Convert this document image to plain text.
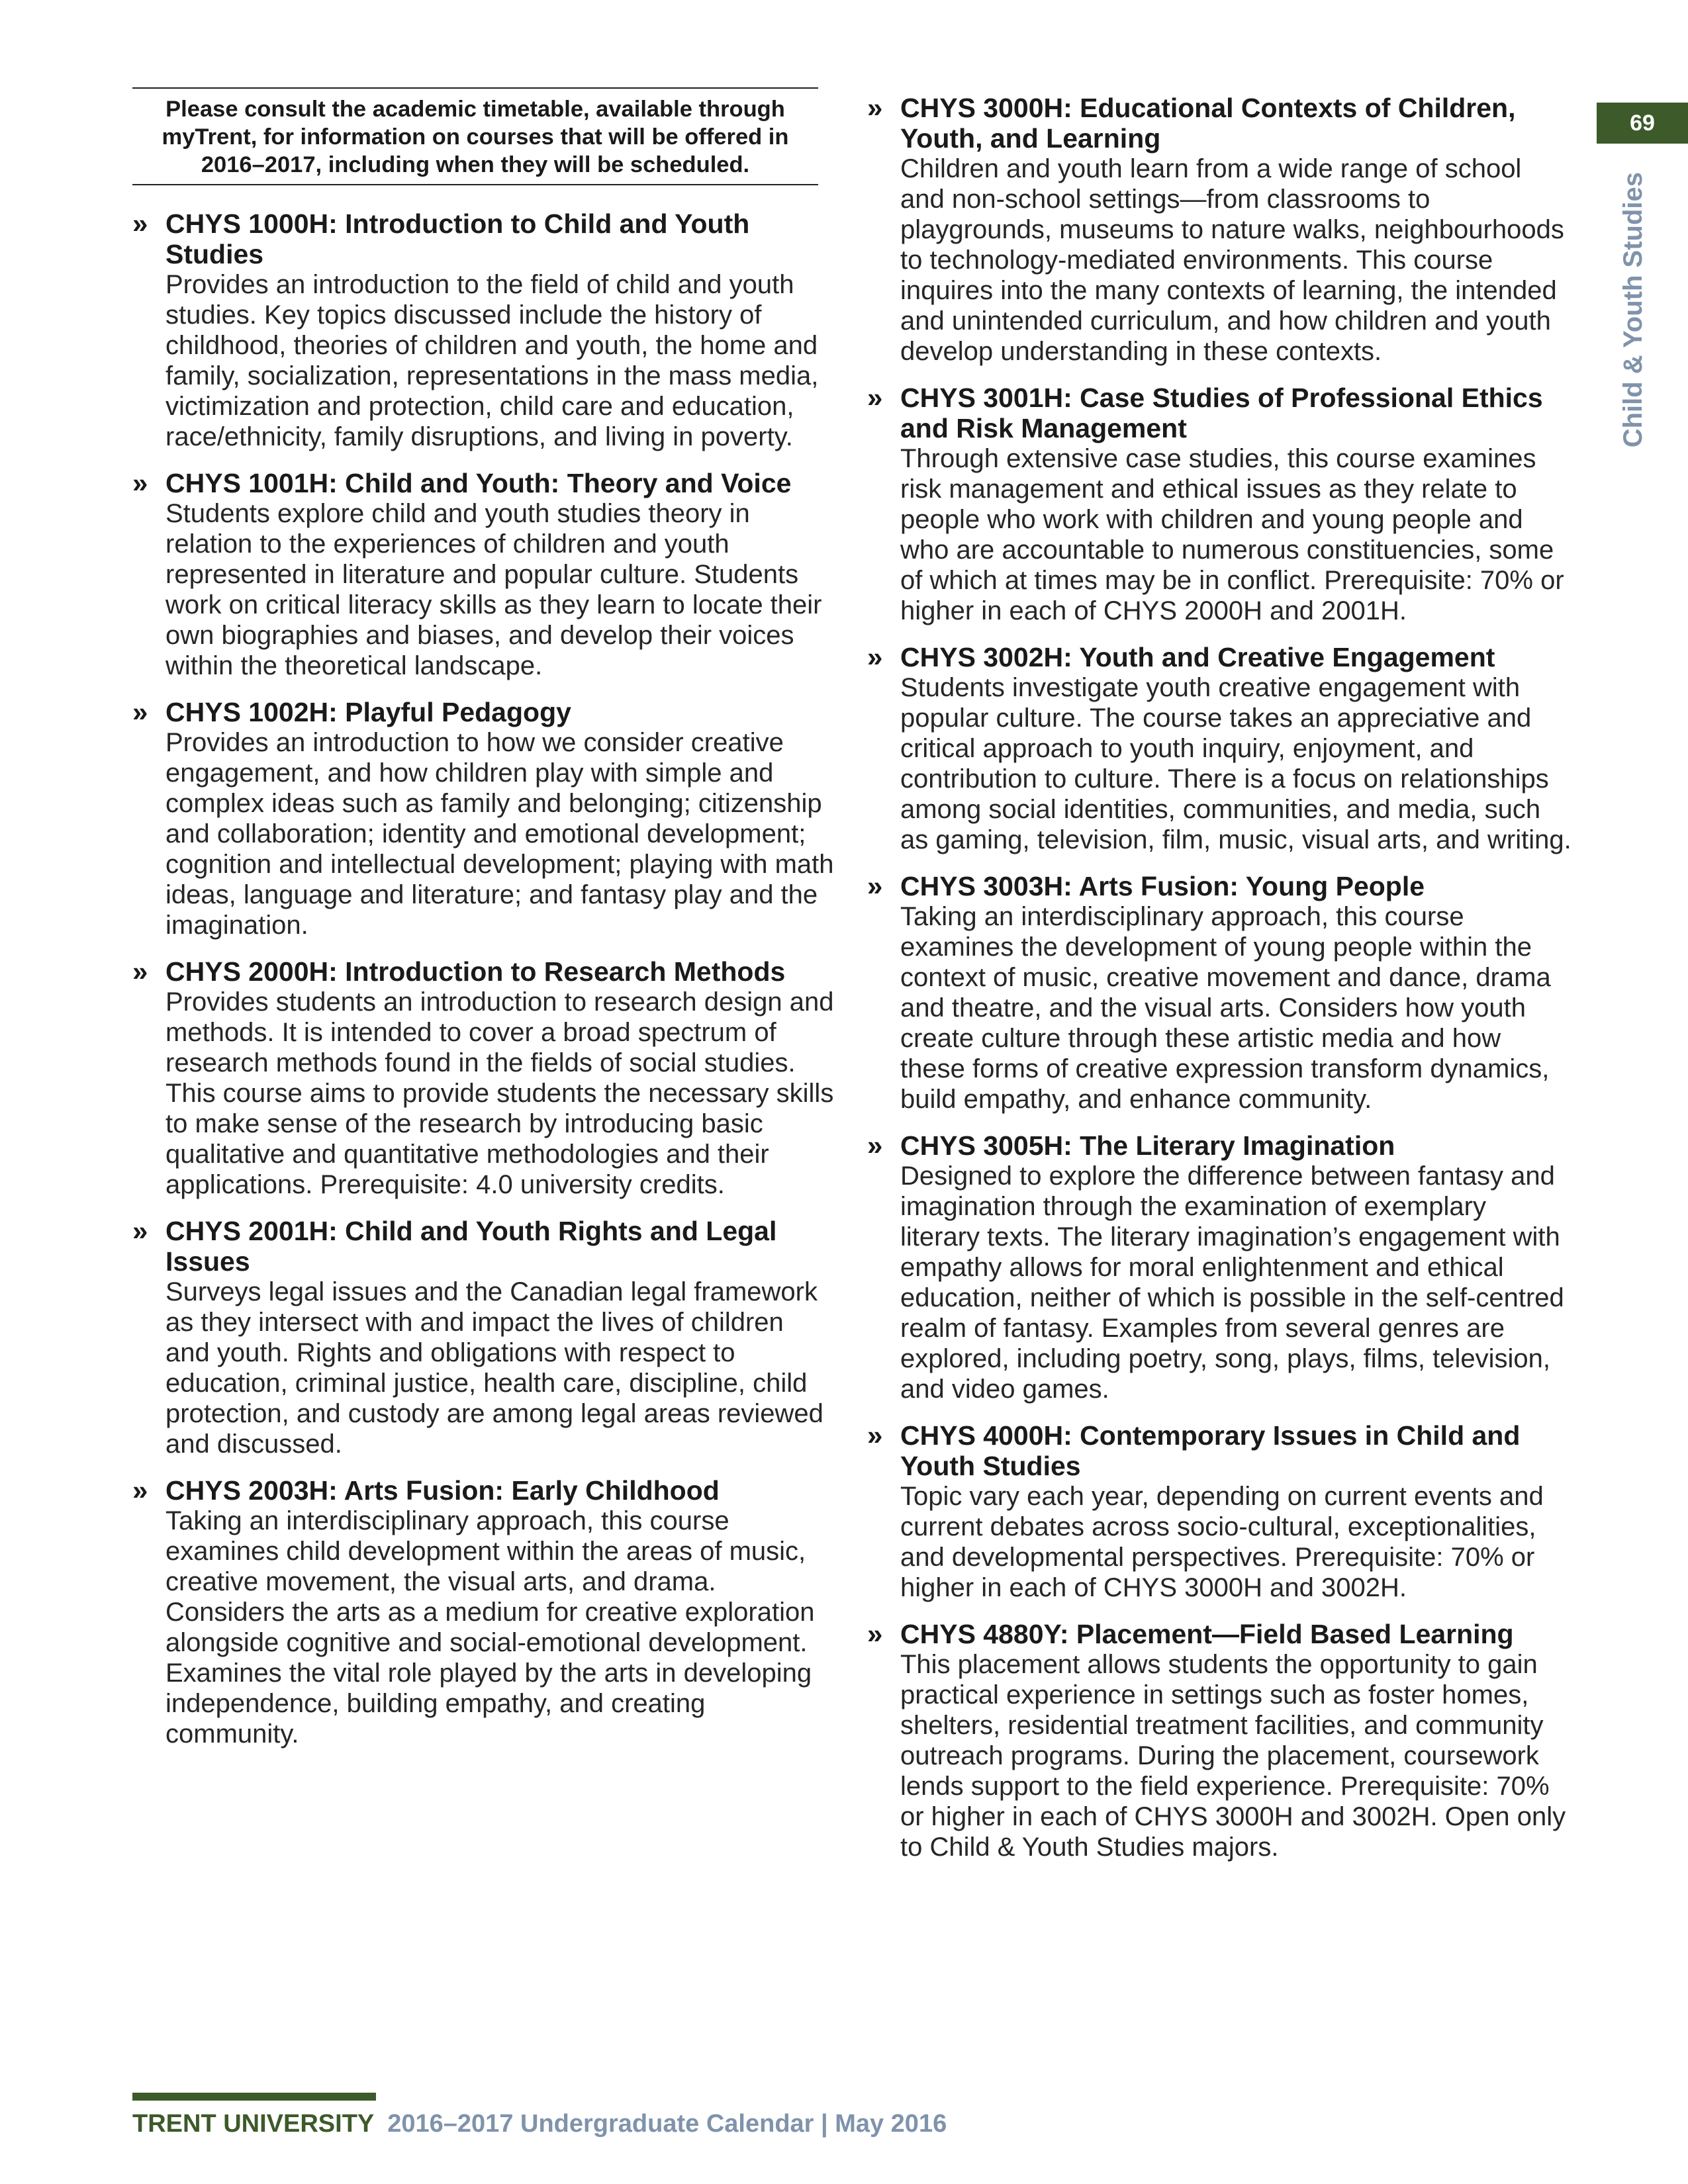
Please consult the academic timetable, available through myTrent, for information on courses that will be offered in 2016–2017, including when they will be scheduled.
» CHYS 1000H: Introduction to Child and Youth Studies
Provides an introduction to the field of child and youth studies. Key topics discussed include the history of childhood, theories of children and youth, the home and family, socialization, representations in the mass media, victimization and protection, child care and education, race/ethnicity, family disruptions, and living in poverty.
» CHYS 1001H: Child and Youth: Theory and Voice
Students explore child and youth studies theory in relation to the experiences of children and youth represented in literature and popular culture. Students work on critical literacy skills as they learn to locate their own biographies and biases, and develop their voices within the theoretical landscape.
» CHYS 1002H: Playful Pedagogy
Provides an introduction to how we consider creative engagement, and how children play with simple and complex ideas such as family and belonging; citizenship and collaboration; identity and emotional development; cognition and intellectual development; playing with math ideas, language and literature; and fantasy play and the imagination.
» CHYS 2000H: Introduction to Research Methods
Provides students an introduction to research design and methods. It is intended to cover a broad spectrum of research methods found in the fields of social studies. This course aims to provide students the necessary skills to make sense of the research by introducing basic qualitative and quantitative methodologies and their applications. Prerequisite: 4.0 university credits.
» CHYS 2001H: Child and Youth Rights and Legal Issues
Surveys legal issues and the Canadian legal framework as they intersect with and impact the lives of children and youth. Rights and obligations with respect to education, criminal justice, health care, discipline, child protection, and custody are among legal areas reviewed and discussed.
» CHYS 2003H: Arts Fusion: Early Childhood
Taking an interdisciplinary approach, this course examines child development within the areas of music, creative movement, the visual arts, and drama. Considers the arts as a medium for creative exploration alongside cognitive and social-emotional development. Examines the vital role played by the arts in developing independence, building empathy, and creating community.
» CHYS 3000H: Educational Contexts of Children, Youth, and Learning
Children and youth learn from a wide range of school and non-school settings—from classrooms to playgrounds, museums to nature walks, neighbourhoods to technology-mediated environments. This course inquires into the many contexts of learning, the intended and unintended curriculum, and how children and youth develop understanding in these contexts.
» CHYS 3001H: Case Studies of Professional Ethics and Risk Management
Through extensive case studies, this course examines risk management and ethical issues as they relate to people who work with children and young people and who are accountable to numerous constituencies, some of which at times may be in conflict. Prerequisite: 70% or higher in each of CHYS 2000H and 2001H.
» CHYS 3002H: Youth and Creative Engagement
Students investigate youth creative engagement with popular culture. The course takes an appreciative and critical approach to youth inquiry, enjoyment, and contribution to culture. There is a focus on relationships among social identities, communities, and media, such as gaming, television, film, music, visual arts, and writing.
» CHYS 3003H: Arts Fusion: Young People
Taking an interdisciplinary approach, this course examines the development of young people within the context of music, creative movement and dance, drama and theatre, and the visual arts. Considers how youth create culture through these artistic media and how these forms of creative expression transform dynamics, build empathy, and enhance community.
» CHYS 3005H: The Literary Imagination
Designed to explore the difference between fantasy and imagination through the examination of exemplary literary texts. The literary imagination’s engagement with empathy allows for moral enlightenment and ethical education, neither of which is possible in the self-centred realm of fantasy. Examples from several genres are explored, including poetry, song, plays, films, television, and video games.
» CHYS 4000H: Contemporary Issues in Child and Youth Studies
Topic vary each year, depending on current events and current debates across socio-cultural, exceptionalities, and developmental perspectives. Prerequisite: 70% or higher in each of CHYS 3000H and 3002H.
» CHYS 4880Y: Placement—Field Based Learning
This placement allows students the opportunity to gain practical experience in settings such as foster homes, shelters, residential treatment facilities, and community outreach programs. During the placement, coursework lends support to the field experience. Prerequisite: 70% or higher in each of CHYS 3000H and 3002H. Open only to Child & Youth Studies majors.
69
Child & Youth Studies
TRENT UNIVERSITY 2016–2017 Undergraduate Calendar | May 2016
